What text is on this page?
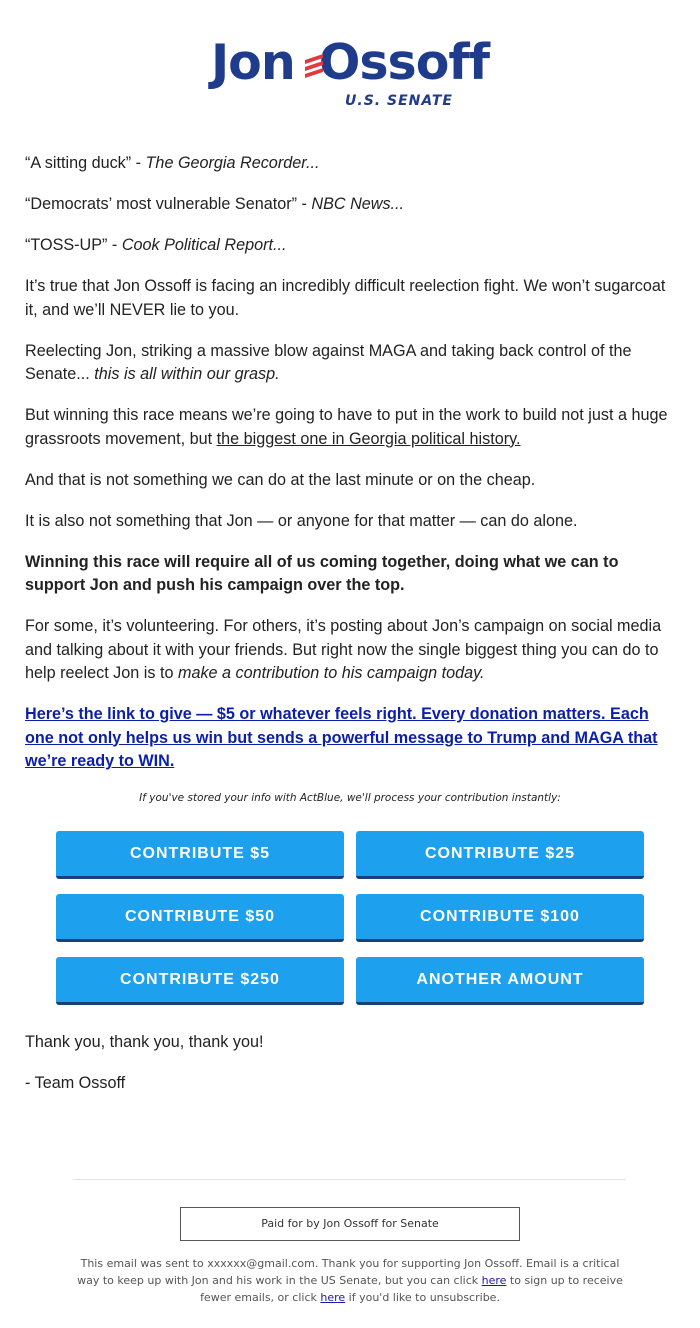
Jon Ossoff
U.S. SENATE

“A sitting duck” - The Georgia Recorder...

“Democrats’ most vulnerable Senator” - NBC News...

“TOSS-UP” - Cook Political Report...

It’s true that Jon Ossoff is facing an incredibly difficult reelection fight. We won’t sugarcoat it, and we’ll NEVER lie to you.

Reelecting Jon, striking a massive blow against MAGA and taking back control of the Senate... this is all within our grasp.

But winning this race means we’re going to have to put in the work to build not just a huge grassroots movement, but the biggest one in Georgia political history.

And that is not something we can do at the last minute or on the cheap.

It is also not something that Jon — or anyone for that matter — can do alone.

Winning this race will require all of us coming together, doing what we can to support Jon and push his campaign over the top.

For some, it’s volunteering. For others, it’s posting about Jon’s campaign on social media and talking about it with your friends. But right now the single biggest thing you can do to help reelect Jon is to make a contribution to his campaign today.

Here’s the link to give — $5 or whatever feels right. Every donation matters. Each one not only helps us win but sends a powerful message to Trump and MAGA that we’re ready to WIN.

If you've stored your info with ActBlue, we'll process your contribution instantly:
CONTRIBUTE $5	CONTRIBUTE $25
CONTRIBUTE $50	CONTRIBUTE $100
CONTRIBUTE $250	ANOTHER AMOUNT
Thank you, thank you, thank you!
- Team Ossoff
Paid for by Jon Ossoff for Senate
This email was sent to xxxxxx@gmail.com. Thank you for supporting Jon Ossoff. Email is a critical way to keep up with Jon and his work in the US Senate, but you can click here to sign up to receive fewer emails, or click here if you'd like to unsubscribe.
